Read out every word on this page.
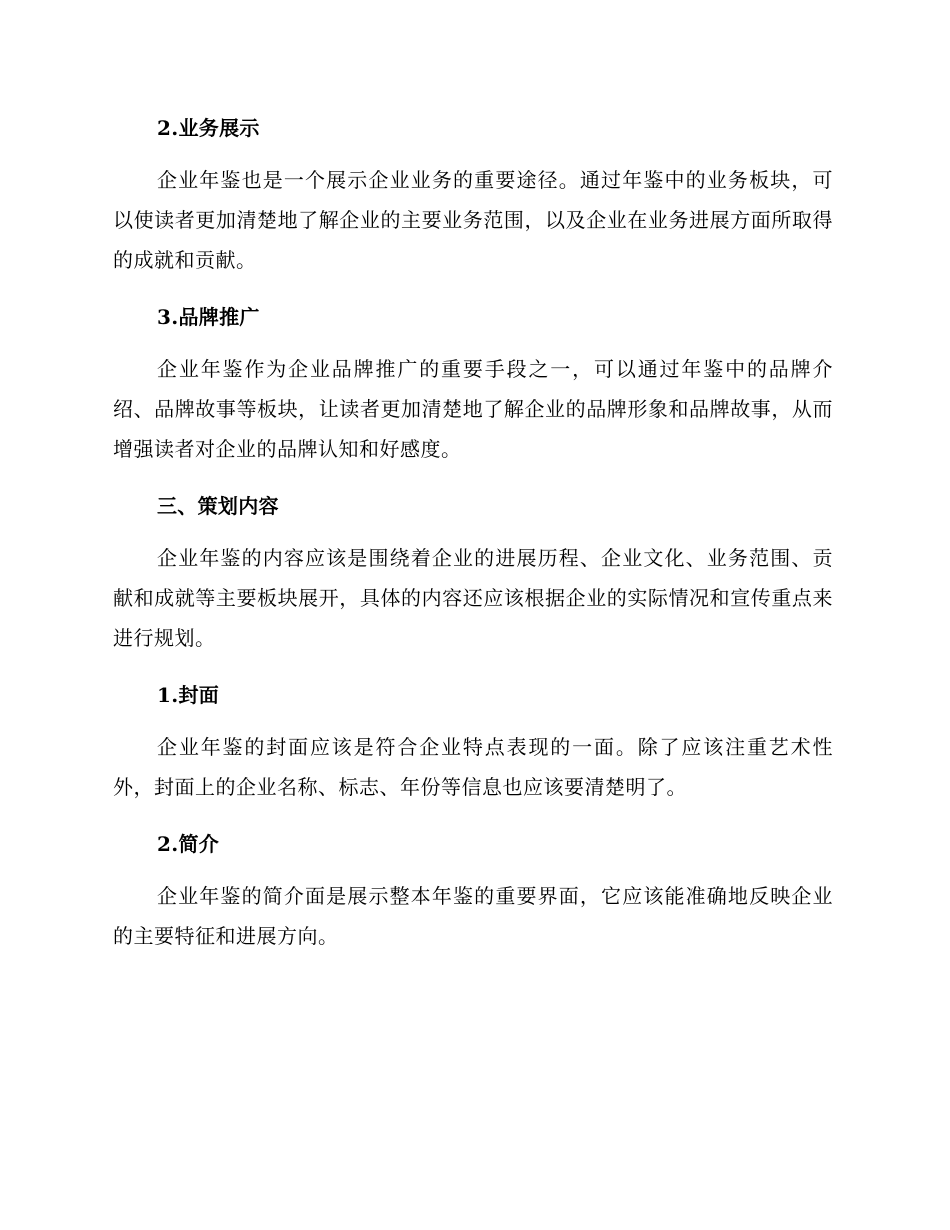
2.业务展示

企业年鉴也是一个展示企业业务的重要途径。通过年鉴中的业务板块，可以使读者更加清楚地了解企业的主要业务范围，以及企业在业务进展方面所取得的成就和贡献。

3.品牌推广

企业年鉴作为企业品牌推广的重要手段之一，可以通过年鉴中的品牌介绍、品牌故事等板块，让读者更加清楚地了解企业的品牌形象和品牌故事，从而增强读者对企业的品牌认知和好感度。

三、策划内容

企业年鉴的内容应该是围绕着企业的进展历程、企业文化、业务范围、贡献和成就等主要板块展开，具体的内容还应该根据企业的实际情况和宣传重点来进行规划。

1.封面

企业年鉴的封面应该是符合企业特点表现的一面。除了应该注重艺术性外，封面上的企业名称、标志、年份等信息也应该要清楚明了。

2.简介

企业年鉴的简介面是展示整本年鉴的重要界面，它应该能准确地反映企业的主要特征和进展方向。
